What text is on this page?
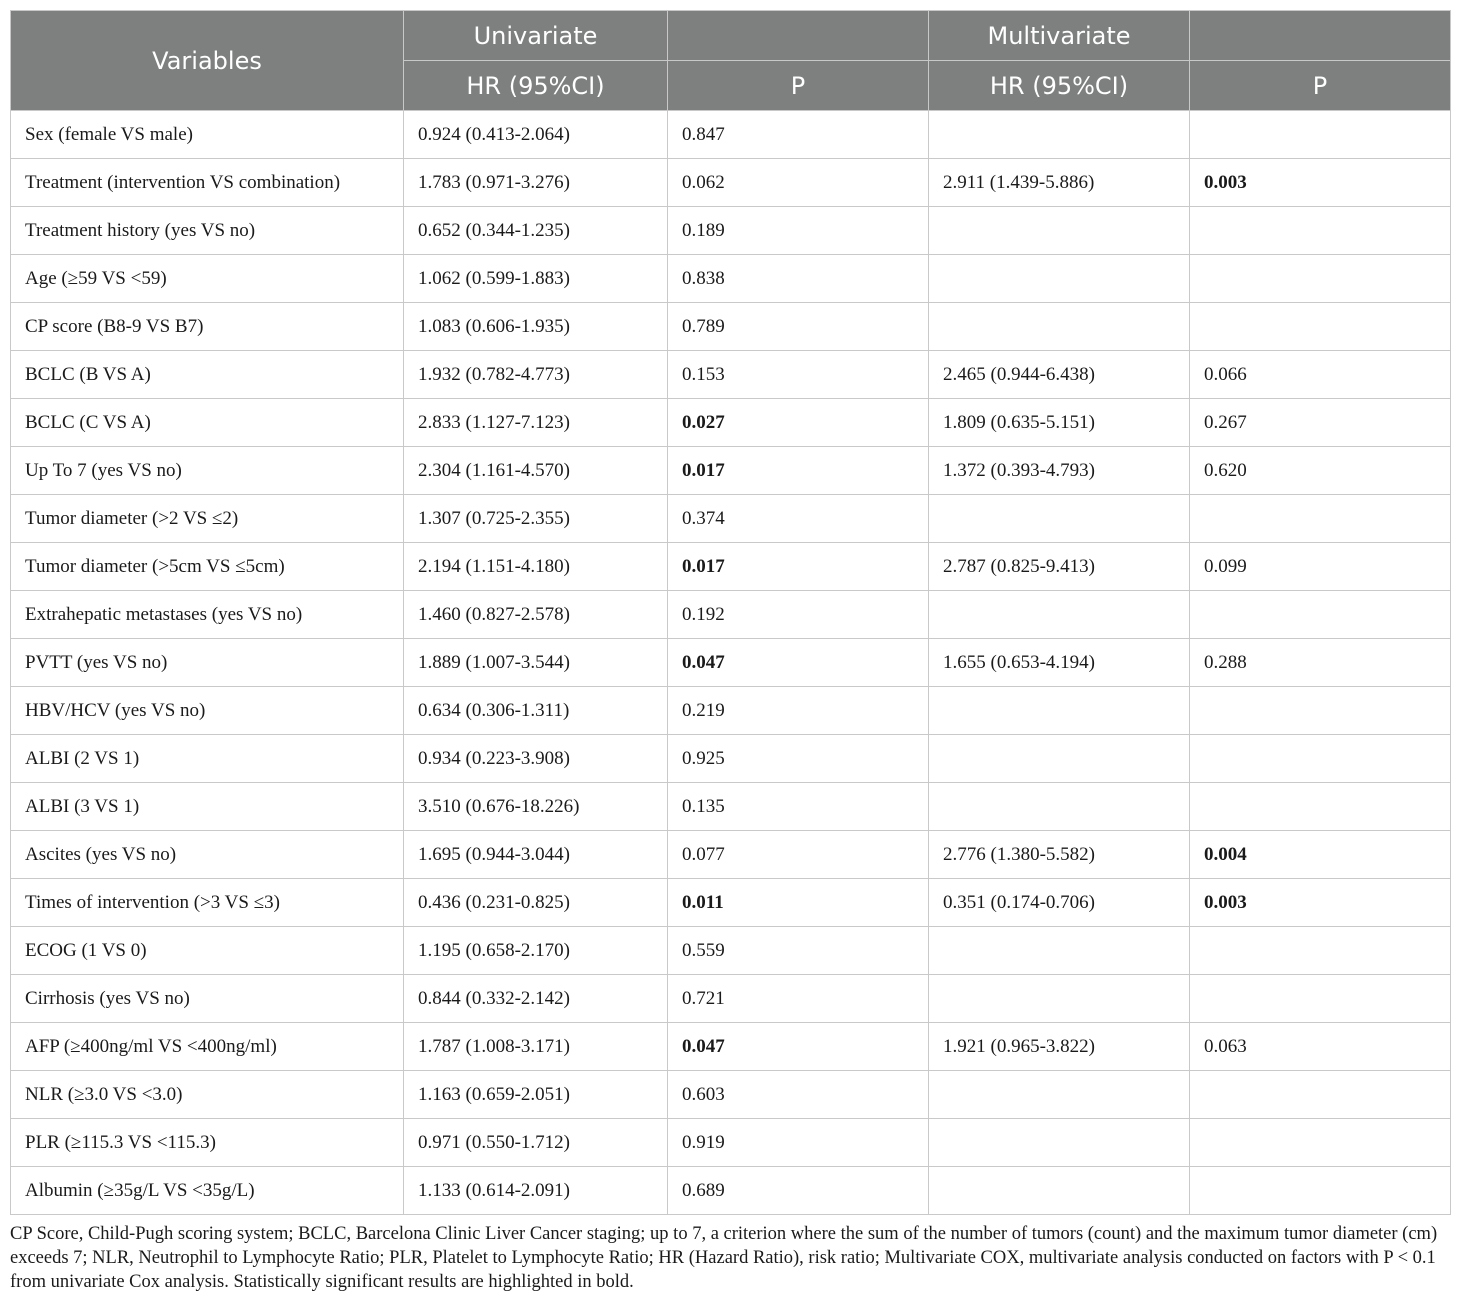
Variables	Univariate		Multivariate	
	HR (95%CI)	P	HR (95%CI)	P
Sex (female VS male)	0.924 (0.413-2.064)	0.847		
Treatment (intervention VS combination)	1.783 (0.971-3.276)	0.062	2.911 (1.439-5.886)	0.003
Treatment history (yes VS no)	0.652 (0.344-1.235)	0.189		
Age (≥59 VS <59)	1.062 (0.599-1.883)	0.838		
CP score (B8-9 VS B7)	1.083 (0.606-1.935)	0.789		
BCLC (B VS A)	1.932 (0.782-4.773)	0.153	2.465 (0.944-6.438)	0.066
BCLC (C VS A)	2.833 (1.127-7.123)	0.027	1.809 (0.635-5.151)	0.267
Up To 7 (yes VS no)	2.304 (1.161-4.570)	0.017	1.372 (0.393-4.793)	0.620
Tumor diameter (>2 VS ≤2)	1.307 (0.725-2.355)	0.374		
Tumor diameter (>5cm VS ≤5cm)	2.194 (1.151-4.180)	0.017	2.787 (0.825-9.413)	0.099
Extrahepatic metastases (yes VS no)	1.460 (0.827-2.578)	0.192		
PVTT (yes VS no)	1.889 (1.007-3.544)	0.047	1.655 (0.653-4.194)	0.288
HBV/HCV (yes VS no)	0.634 (0.306-1.311)	0.219		
ALBI (2 VS 1)	0.934 (0.223-3.908)	0.925		
ALBI (3 VS 1)	3.510 (0.676-18.226)	0.135		
Ascites (yes VS no)	1.695 (0.944-3.044)	0.077	2.776 (1.380-5.582)	0.004
Times of intervention (>3 VS ≤3)	0.436 (0.231-0.825)	0.011	0.351 (0.174-0.706)	0.003
ECOG (1 VS 0)	1.195 (0.658-2.170)	0.559		
Cirrhosis (yes VS no)	0.844 (0.332-2.142)	0.721		
AFP (≥400ng/ml VS <400ng/ml)	1.787 (1.008-3.171)	0.047	1.921 (0.965-3.822)	0.063
NLR (≥3.0 VS <3.0)	1.163 (0.659-2.051)	0.603		
PLR (≥115.3 VS <115.3)	0.971 (0.550-1.712)	0.919		
Albumin (≥35g/L VS <35g/L)	1.133 (0.614-2.091)	0.689		
CP Score, Child-Pugh scoring system; BCLC, Barcelona Clinic Liver Cancer staging; up to 7, a criterion where the sum of the number of tumors (count) and the maximum tumor diameter (cm) exceeds 7; NLR, Neutrophil to Lymphocyte Ratio; PLR, Platelet to Lymphocyte Ratio; HR (Hazard Ratio), risk ratio; Multivariate COX, multivariate analysis conducted on factors with P < 0.1 from univariate Cox analysis. Statistically significant results are highlighted in bold.
